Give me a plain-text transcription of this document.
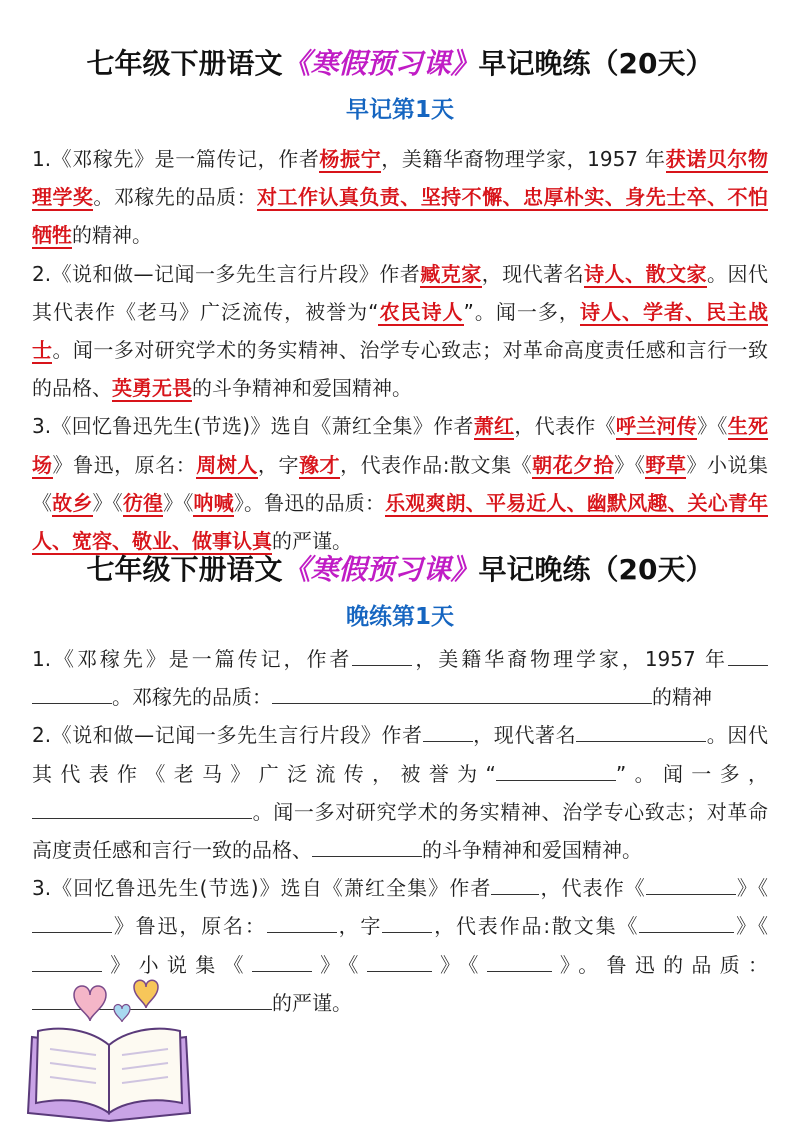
七年级下册语文《寒假预习课》早记晚练（20天）
早记第1天

1.《邓稼先》是一篇传记，作者杨振宁，美籍华裔物理学家，1957 年获诺贝尔物理学奖。邓稼先的品质：对工作认真负责、坚持不懈、忠厚朴实、身先士卒、不怕牺牲的精神。

2.《说和做—记闻一多先生言行片段》作者臧克家，现代著名诗人、散文家。因代其代表作《老马》广泛流传，被誉为“农民诗人”。闻一多，诗人、学者、民主战士。闻一多对研究学术的务实精神、治学专心致志；对革命高度责任感和言行一致的品格、英勇无畏的斗争精神和爱国精神。

3.《回忆鲁迅先生(节选)》选自《萧红全集》作者萧红，代表作《呼兰河传》《生死场》鲁迅，原名：周树人，字豫才，代表作品:散文集《朝花夕拾》《野草》小说集《故乡》《彷徨》《呐喊》。鲁迅的品质：乐观爽朗、平易近人、幽默风趣、关心青年人、宽容、敬业、做事认真的严谨。

七年级下册语文《寒假预习课》早记晚练（20天）
晚练第1天

1.《邓稼先》是一篇传记，作者	，美籍华裔物理学家，1957 年。邓稼先的品质：	的精神

2.《说和做—记闻一多先生言行片段》作者	，现代著名	。因代其代表作《老马》广泛流传，被誉为“	”。闻一多，。闻一多对研究学术的务实精神、治学专心致志；对革命高度责任感和言行一致的品格、	的斗争精神和爱国精神。

3.《回忆鲁迅先生(节选)》选自《萧红全集》作者 ，代表作《	》《》鲁迅，原名：	，字	，代表作品:散文集《	》《》小说集《	》《	》《	》。鲁迅的品质：的严谨。
